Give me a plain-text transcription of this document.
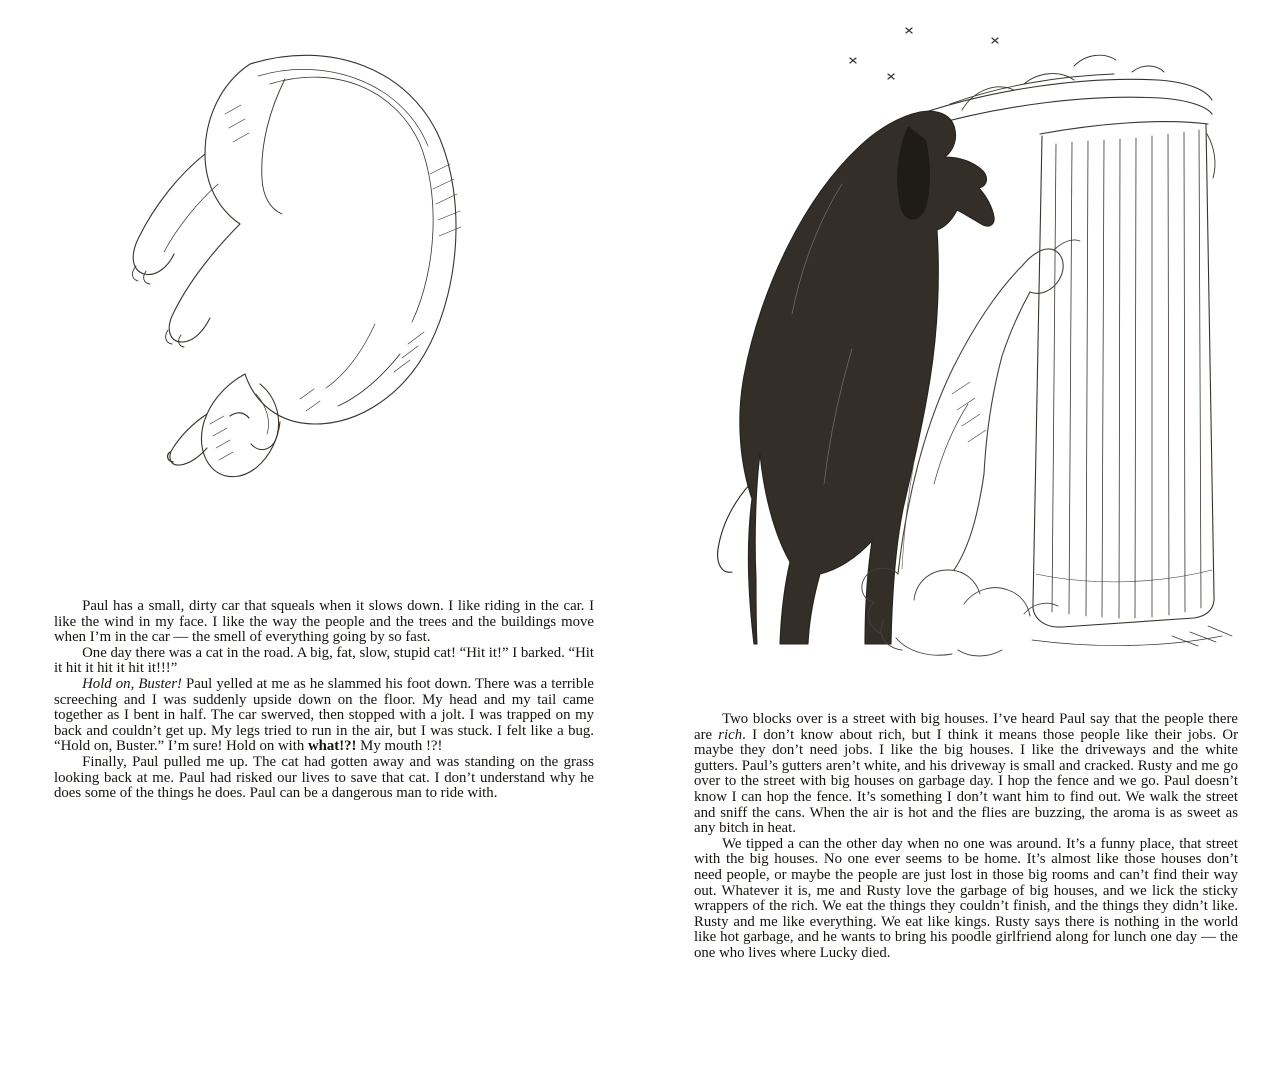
Paul has a small, dirty car that squeals when it slows down. I like riding in the car. I like the wind in my face. I like the way the people and the trees and the buildings move when I’m in the car — the smell of everything going by so fast.

One day there was a cat in the road. A big, fat, slow, stupid cat! “Hit it!” I barked. “Hit it hit it hit it hit it!!!”

Hold on, Buster! Paul yelled at me as he slammed his foot down. There was a terrible screeching and I was suddenly upside down on the floor. My head and my tail came together as I bent in half. The car swerved, then stopped with a jolt. I was trapped on my back and couldn’t get up. My legs tried to run in the air, but I was stuck. I felt like a bug. “Hold on, Buster.” I’m sure! Hold on with what!?! My mouth !?!

Finally, Paul pulled me up. The cat had gotten away and was standing on the grass looking back at me. Paul had risked our lives to save that cat. I don’t understand why he does some of the things he does. Paul can be a dangerous man to ride with.

Two blocks over is a street with big houses. I’ve heard Paul say that the people there are rich. I don’t know about rich, but I think it means those people like their jobs. Or maybe they don’t need jobs. I like the big houses. I like the driveways and the white gutters. Paul’s gutters aren’t white, and his driveway is small and cracked. Rusty and me go over to the street with big houses on garbage day. I hop the fence and we go. Paul doesn’t know I can hop the fence. It’s something I don’t want him to find out. We walk the street and sniff the cans. When the air is hot and the flies are buzzing, the aroma is as sweet as any bitch in heat.

We tipped a can the other day when no one was around. It’s a funny place, that street with the big houses. No one ever seems to be home. It’s almost like those houses don’t need people, or maybe the people are just lost in those big rooms and can’t find their way out. Whatever it is, me and Rusty love the garbage of big houses, and we lick the sticky wrappers of the rich. We eat the things they couldn’t finish, and the things they didn’t like. Rusty and me like everything. We eat like kings. Rusty says there is nothing in the world like hot garbage, and he wants to bring his poodle girlfriend along for lunch one day — the one who lives where Lucky died.
